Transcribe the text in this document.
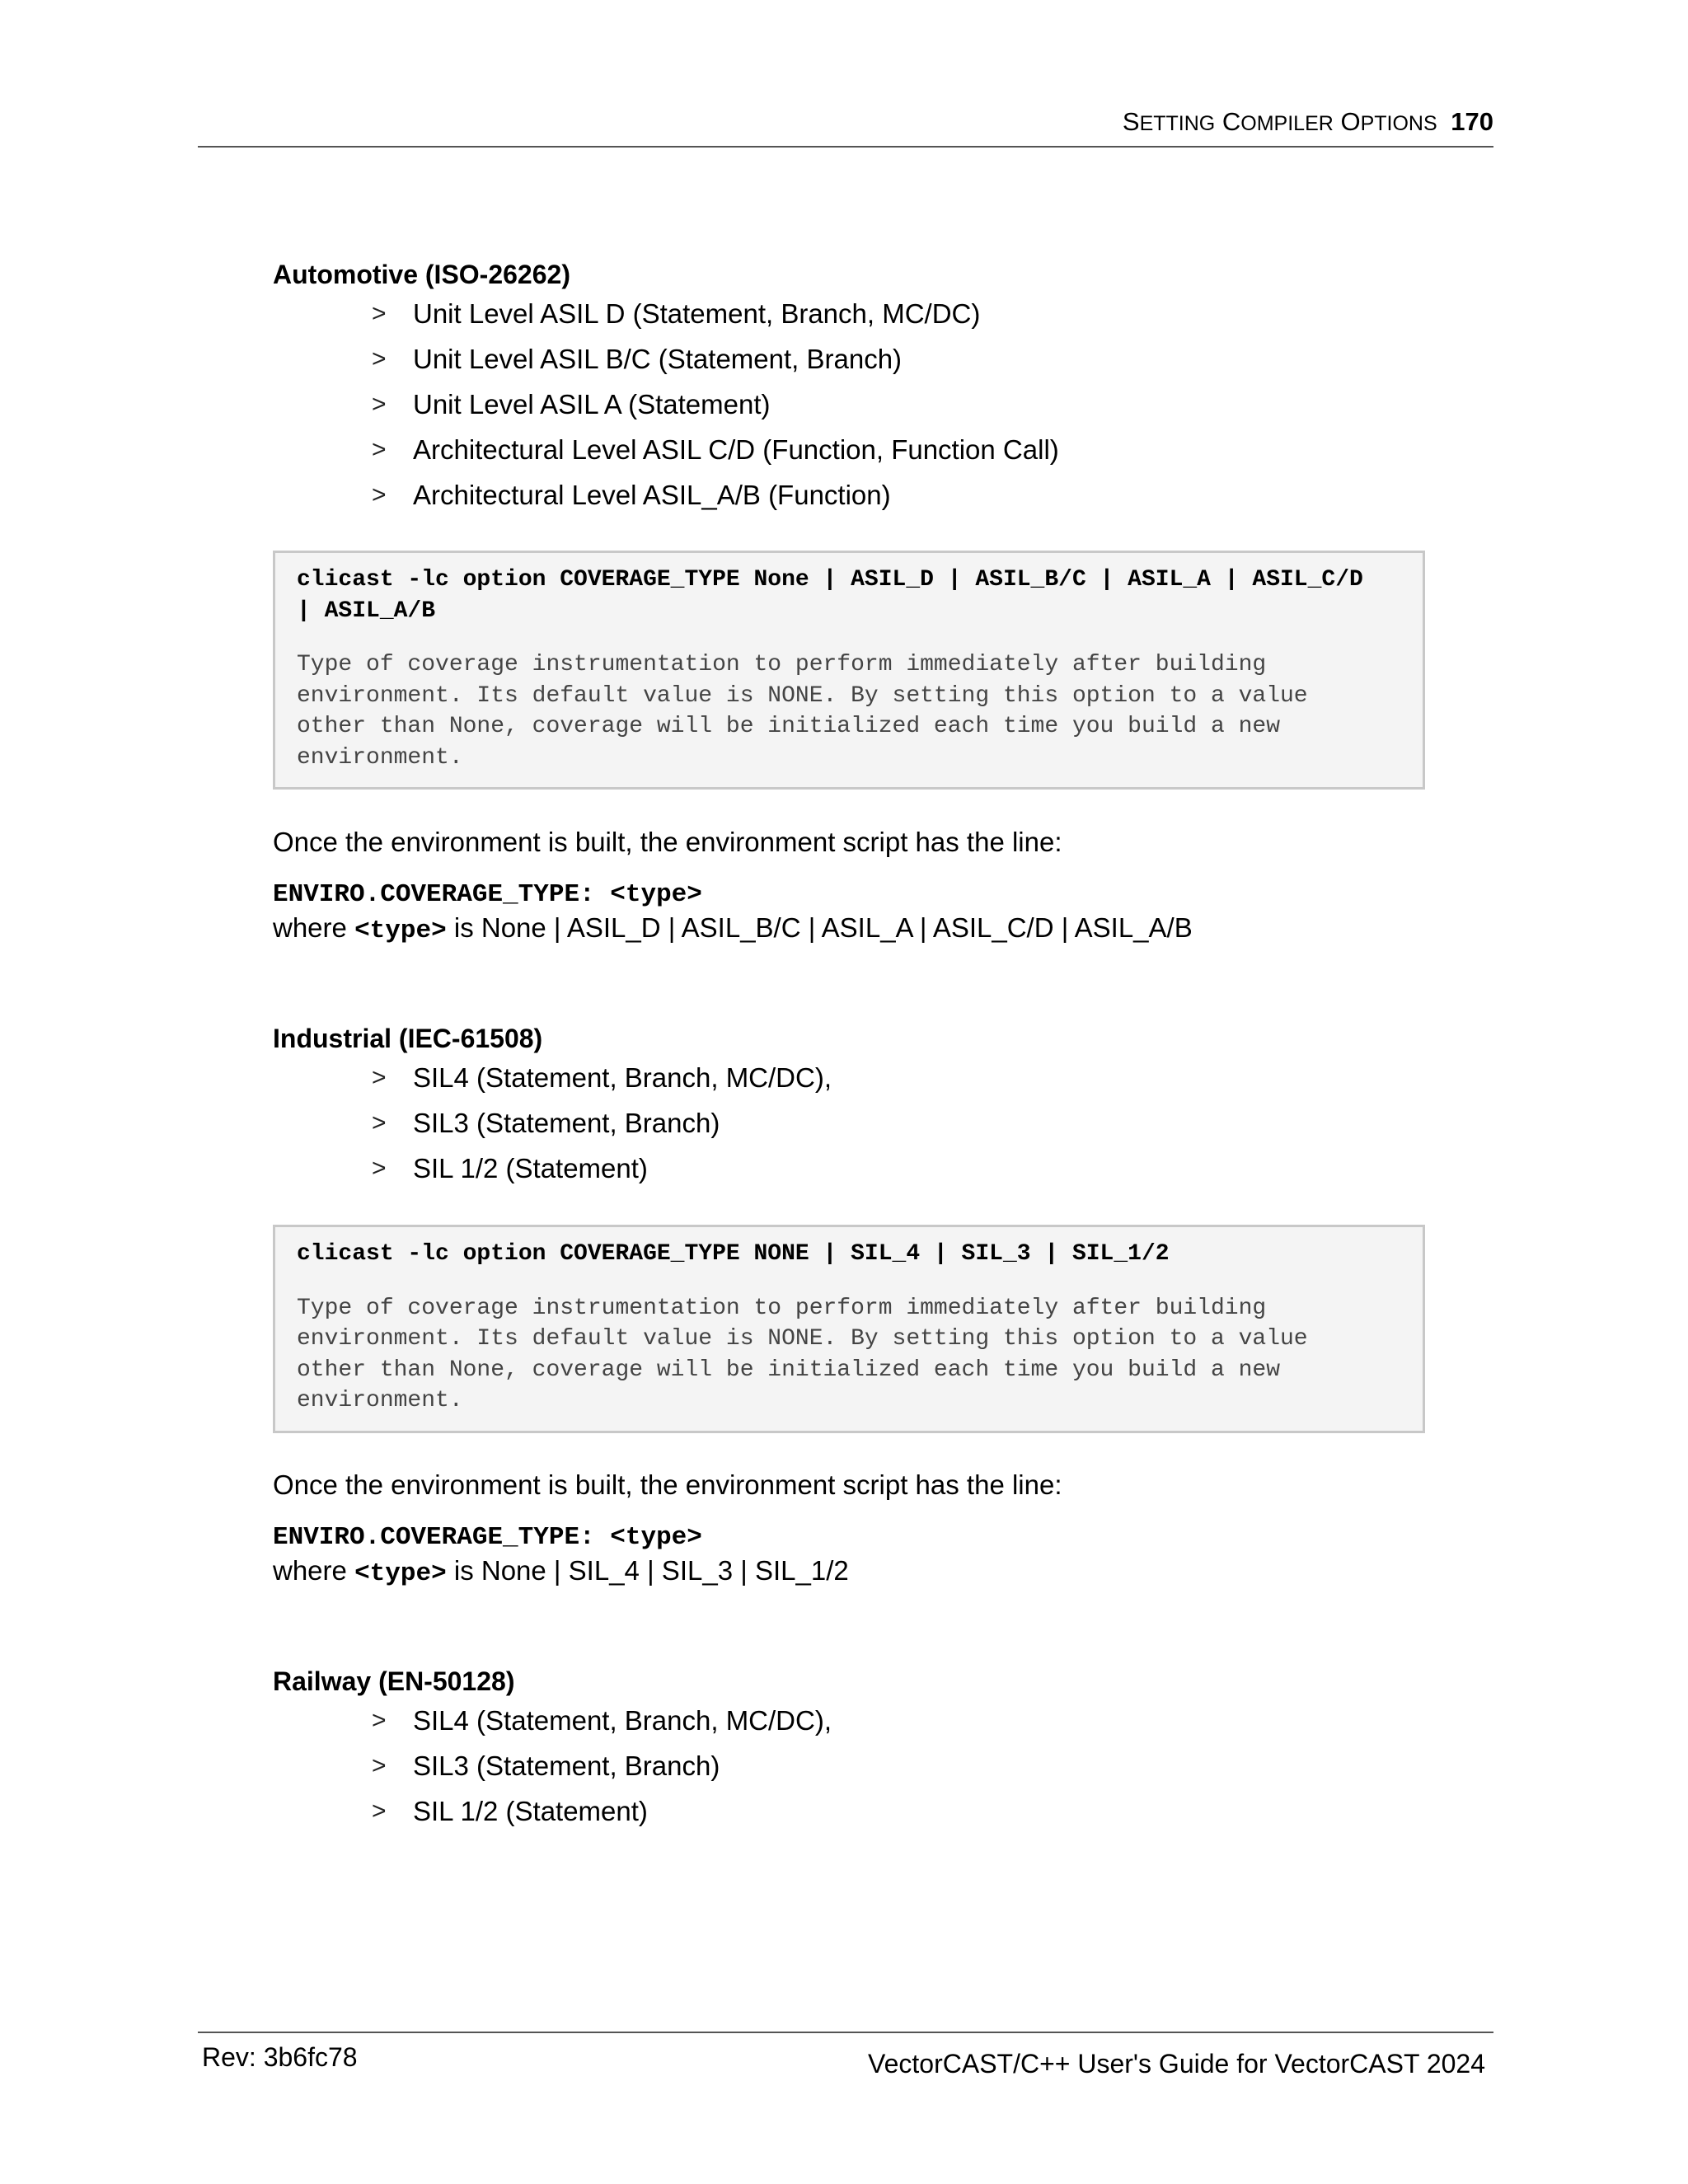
SETTING COMPILER OPTIONS 170
Automotive (ISO-26262)
> Unit Level ASIL D (Statement, Branch, MC/DC)
> Unit Level ASIL B/C (Statement, Branch)
> Unit Level ASIL A (Statement)
> Architectural Level ASIL C/D (Function, Function Call)
> Architectural Level ASIL_A/B (Function)
clicast -lc option COVERAGE_TYPE None | ASIL_D | ASIL_B/C | ASIL_A | ASIL_C/D
| ASIL_A/B
Type of coverage instrumentation to perform immediately after building
environment. Its default value is NONE. By setting this option to a value
other than None, coverage will be initialized each time you build a new
environment.
Once the environment is built, the environment script has the line:
ENVIRO.COVERAGE_TYPE: <type>
where <type> is None | ASIL_D | ASIL_B/C | ASIL_A | ASIL_C/D | ASIL_A/B
Industrial (IEC-61508)
> SIL4 (Statement, Branch, MC/DC),
> SIL3 (Statement, Branch)
> SIL 1/2 (Statement)
clicast -lc option COVERAGE_TYPE NONE | SIL_4 | SIL_3 | SIL_1/2
Type of coverage instrumentation to perform immediately after building
environment. Its default value is NONE. By setting this option to a value
other than None, coverage will be initialized each time you build a new
environment.
Once the environment is built, the environment script has the line:
ENVIRO.COVERAGE_TYPE: <type>
where <type> is None | SIL_4 | SIL_3 | SIL_1/2
Railway (EN-50128)
> SIL4 (Statement, Branch, MC/DC),
> SIL3 (Statement, Branch)
> SIL 1/2 (Statement)
Rev: 3b6fc78	VectorCAST/C++ User's Guide for VectorCAST 2024
